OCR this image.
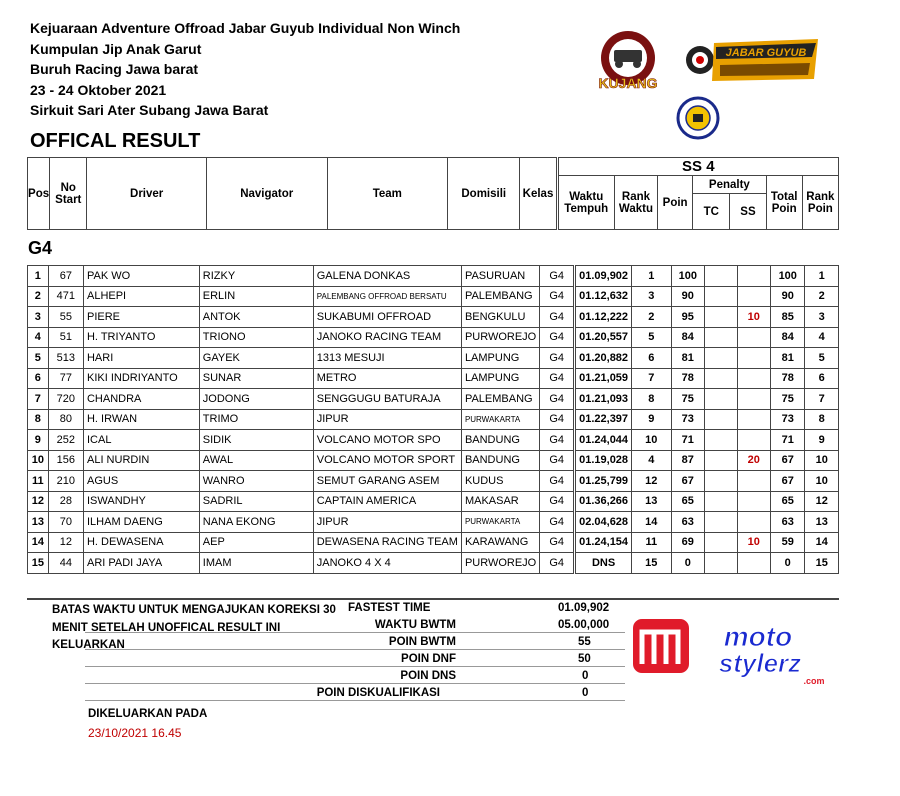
Kejuaraan Adventure Offroad Jabar Guyub Individual Non Winch
Kumpulan Jip Anak Garut
Buruh Racing Jawa barat
23 - 24 Oktober 2021
Sirkuit Sari Ater Subang Jawa Barat
KUJANG
JABAR GUYUB
OFFICAL RESULT
Pos	No Start	Driver	Navigator	Team	Domisili	Kelas	SS 4						
							Waktu Tempuh	Rank Waktu	Poin	Penalty		Total Poin	Rank Poin
										TC	SS		
G4
1	67	PAK WO	RIZKY	GALENA DONKAS	PASURUAN	G4	01.09,902	1	100			100	1
2	471	ALHEPI	ERLIN	PALEMBANG OFFROAD BERSATU	PALEMBANG	G4	01.12,632	3	90			90	2
3	55	PIERE	ANTOK	SUKABUMI OFFROAD	BENGKULU	G4	01.12,222	2	95		10	85	3
4	51	H. TRIYANTO	TRIONO	JANOKO RACING TEAM	PURWOREJO	G4	01.20,557	5	84			84	4
5	513	HARI	GAYEK	1313 MESUJI	LAMPUNG	G4	01.20,882	6	81			81	5
6	77	KIKI INDRIYANTO	SUNAR	METRO	LAMPUNG	G4	01.21,059	7	78			78	6
7	720	CHANDRA	JODONG	SENGGUGU BATURAJA	PALEMBANG	G4	01.21,093	8	75			75	7
8	80	H. IRWAN	TRIMO	JIPUR	PURWAKARTA	G4	01.22,397	9	73			73	8
9	252	ICAL	SIDIK	VOLCANO MOTOR SPO	BANDUNG	G4	01.24,044	10	71			71	9
10	156	ALI NURDIN	AWAL	VOLCANO MOTOR SPORT	BANDUNG	G4	01.19,028	4	87		20	67	10
11	210	AGUS	WANRO	SEMUT GARANG ASEM	KUDUS	G4	01.25,799	12	67			67	10
12	28	ISWANDHY	SADRIL	CAPTAIN AMERICA	MAKASAR	G4	01.36,266	13	65			65	12
13	70	ILHAM DAENG	NANA EKONG	JIPUR	PURWAKARTA	G4	02.04,628	14	63			63	13
14	12	H. DEWASENA	AEP	DEWASENA RACING TEAM	KARAWANG	G4	01.24,154	11	69		10	59	14
15	44	ARI PADI JAYA	IMAM	JANOKO 4 X 4	PURWOREJO	G4	DNS	15	0			0	15
BATAS WAKTU UNTUK MENGAJUKAN KOREKSI 30
MENIT SETELAH UNOFFICAL RESULT INI
KELUARKAN
FASTEST TIME	01.09,902
WAKTU BWTM	05.00,000
POIN BWTM	55
POIN DNF	50
POIN DNS	0
POIN DISKUALIFIKASI	0
moto
stylerz
.com
DIKELUARKAN PADA
23/10/2021 16.45
